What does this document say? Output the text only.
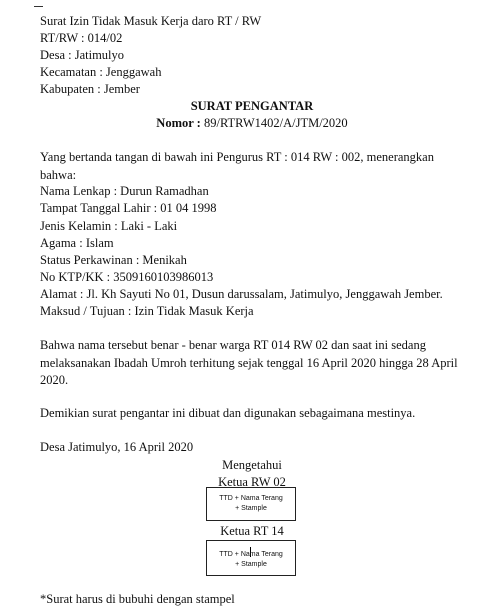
Surat Izin Tidak Masuk Kerja daro RT / RW
RT/RW : 014/02
Desa : Jatimulyo
Kecamatan : Jenggawah
Kabupaten : Jember
SURAT PENGANTAR
Nomor : 89/RTRW1402/A/JTM/2020
Yang bertanda tangan di bawah ini Pengurus RT : 014 RW : 002, menerangkan bahwa:
Nama Lenkap : Durun Ramadhan
Tampat Tanggal Lahir : 01 04 1998
Jenis Kelamin : Laki - Laki
Agama : Islam
Status Perkawinan : Menikah
No KTP/KK : 3509160103986013
Alamat : Jl. Kh Sayuti No 01, Dusun darussalam, Jatimulyo, Jenggawah Jember.
Maksud / Tujuan : Izin Tidak Masuk Kerja
Bahwa nama tersebut benar - benar warga RT 014 RW 02 dan saat ini sedang melaksanakan Ibadah Umroh terhitung sejak tenggal 16 April 2020 hingga 28 April 2020.
Demikian surat pengantar ini dibuat dan digunakan sebagaimana mestinya.
Desa Jatimulyo, 16 April 2020
Mengetahui
Ketua RW 02
TTD + Nama Terang
+ Stample
Ketua RT 14
TTD + Nama Terang
+ Stample
*Surat harus di bubuhi dengan stampel
